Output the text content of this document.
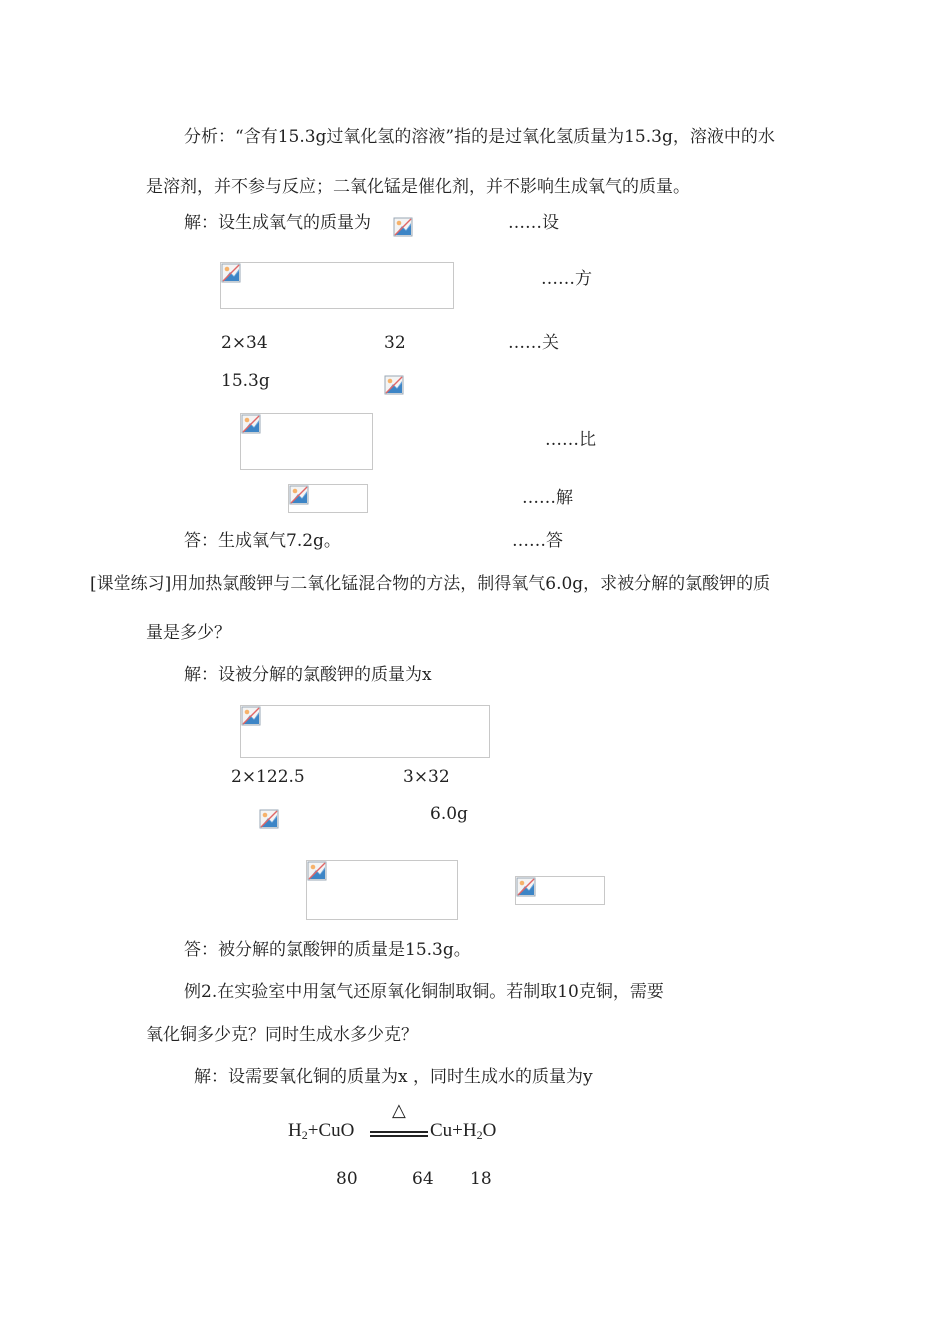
分析：“含有15.3g过氧化氢的溶液”指的是过氧化氢质量为15.3g，溶液中的水
是溶剂，并不参与反应；二氧化锰是催化剂，并不影响生成氧气的质量。
解：设生成氧气的质量为	……设
……方
2×34	32	……关
15.3g
……比
……解
答：生成氧气7.2g。	……答
[课堂练习]用加热氯酸钾与二氧化锰混合物的方法，制得氧气6.0g，求被分解的氯酸钾的质
量是多少？
解：设被分解的氯酸钾的质量为x
2×122.5	3×32
6.0g
答：被分解的氯酸钾的质量是15.3g。
例2.在实验室中用氢气还原氧化铜制取铜。若制取10克铜，需要
氧化铜多少克？同时生成水多少克？
解：设需要氧化铜的质量为x ，同时生成水的质量为y
△
$H_2+CuO$	$Cu+H_2O$
80	64 18
